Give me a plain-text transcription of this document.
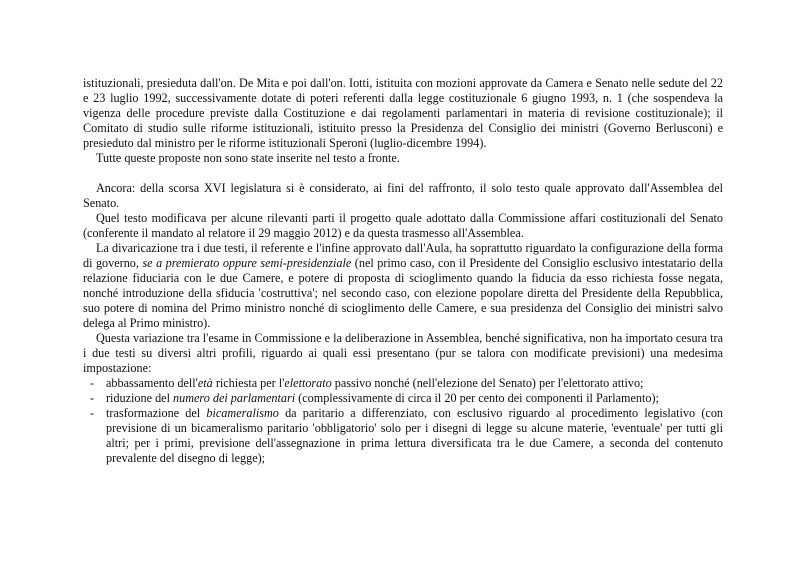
istituzionali, presieduta dall'on. De Mita e poi dall'on. Iotti, istituita con mozioni approvate da Camera e Senato nelle sedute del 22 e 23 luglio 1992, successivamente dotate di poteri referenti dalla legge costituzionale 6 giugno 1993, n. 1 (che sospendeva la vigenza delle procedure previste dalla Costituzione e dai regolamenti parlamentari in materia di revisione costituzionale); il Comitato di studio sulle riforme istituzionali, istituito presso la Presidenza del Consiglio dei ministri (Governo Berlusconi) e presieduto dal ministro per le riforme istituzionali Speroni (luglio-dicembre 1994).

Tutte queste proposte non sono state inserite nel testo a fronte.

Ancora: della scorsa XVI legislatura si è considerato, ai fini del raffronto, il solo testo quale approvato dall'Assemblea del Senato.

Quel testo modificava per alcune rilevanti parti il progetto quale adottato dalla Commissione affari costituzionali del Senato (conferente il mandato al relatore il 29 maggio 2012) e da questa trasmesso all'Assemblea.

La divaricazione tra i due testi, il referente e l'infine approvato dall'Aula, ha soprattutto riguardato la configurazione della forma di governo, se a premierato oppure semi-presidenziale (nel primo caso, con il Presidente del Consiglio esclusivo intestatario della relazione fiduciaria con le due Camere, e potere di proposta di scioglimento quando la fiducia da esso richiesta fosse negata, nonché introduzione della sfiducia 'costruttiva'; nel secondo caso, con elezione popolare diretta del Presidente della Repubblica, suo potere di nomina del Primo ministro nonché di scioglimento delle Camere, e sua presidenza del Consiglio dei ministri salvo delega al Primo ministro).

Questa variazione tra l'esame in Commissione e la deliberazione in Assemblea, benché significativa, non ha importato cesura tra i due testi su diversi altri profili, riguardo ai quali essi presentano (pur se talora con modificate previsioni) una medesima impostazione:

- abbassamento dell'età richiesta per l'elettorato passivo nonché (nell'elezione del Senato) per l'elettorato attivo;
- riduzione del numero dei parlamentari (complessivamente di circa il 20 per cento dei componenti il Parlamento);
- trasformazione del bicameralismo da paritario a differenziato, con esclusivo riguardo al procedimento legislativo (con previsione di un bicameralismo paritario 'obbligatorio' solo per i disegni di legge su alcune materie, 'eventuale' per tutti gli altri; per i primi, previsione dell'assegnazione in prima lettura diversificata tra le due Camere, a seconda del contenuto prevalente del disegno di legge);
